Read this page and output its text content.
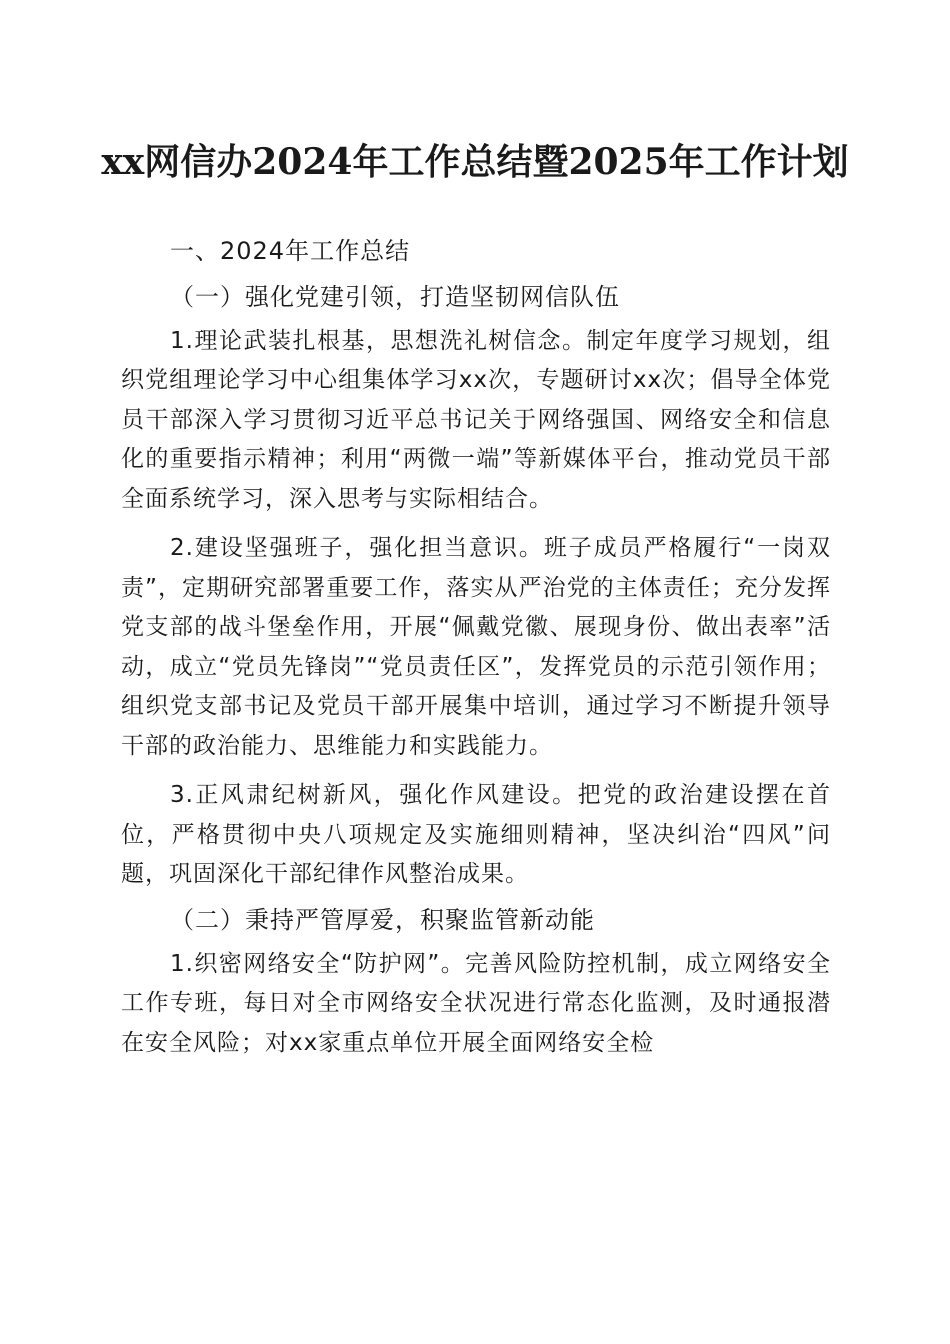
xx网信办2024年工作总结暨2025年工作计划
一、2024年工作总结
（一）强化党建引领，打造坚韧网信队伍

1.理论武装扎根基，思想洗礼树信念。制定年度学习规划，组织党组理论学习中心组集体学习xx次，专题研讨xx次；倡导全体党员干部深入学习贯彻习近平总书记关于网络强国、网络安全和信息化的重要指示精神；利用“两微一端”等新媒体平台，推动党员干部全面系统学习，深入思考与实际相结合。

2.建设坚强班子，强化担当意识。班子成员严格履行“一岗双责”，定期研究部署重要工作，落实从严治党的主体责任；充分发挥党支部的战斗堡垒作用，开展“佩戴党徽、展现身份、做出表率”活动，成立“党员先锋岗”“党员责任区”，发挥党员的示范引领作用；组织党支部书记及党员干部开展集中培训，通过学习不断提升领导干部的政治能力、思维能力和实践能力。

3.正风肃纪树新风，强化作风建设。把党的政治建设摆在首位，严格贯彻中央八项规定及实施细则精神，坚决纠治“四风”问题，巩固深化干部纪律作风整治成果。

（二）秉持严管厚爱，积聚监管新动能

1.织密网络安全“防护网”。完善风险防控机制，成立网络安全工作专班，每日对全市网络安全状况进行常态化监测，及时通报潜在安全风险；对xx家重点单位开展全面网络安全检
